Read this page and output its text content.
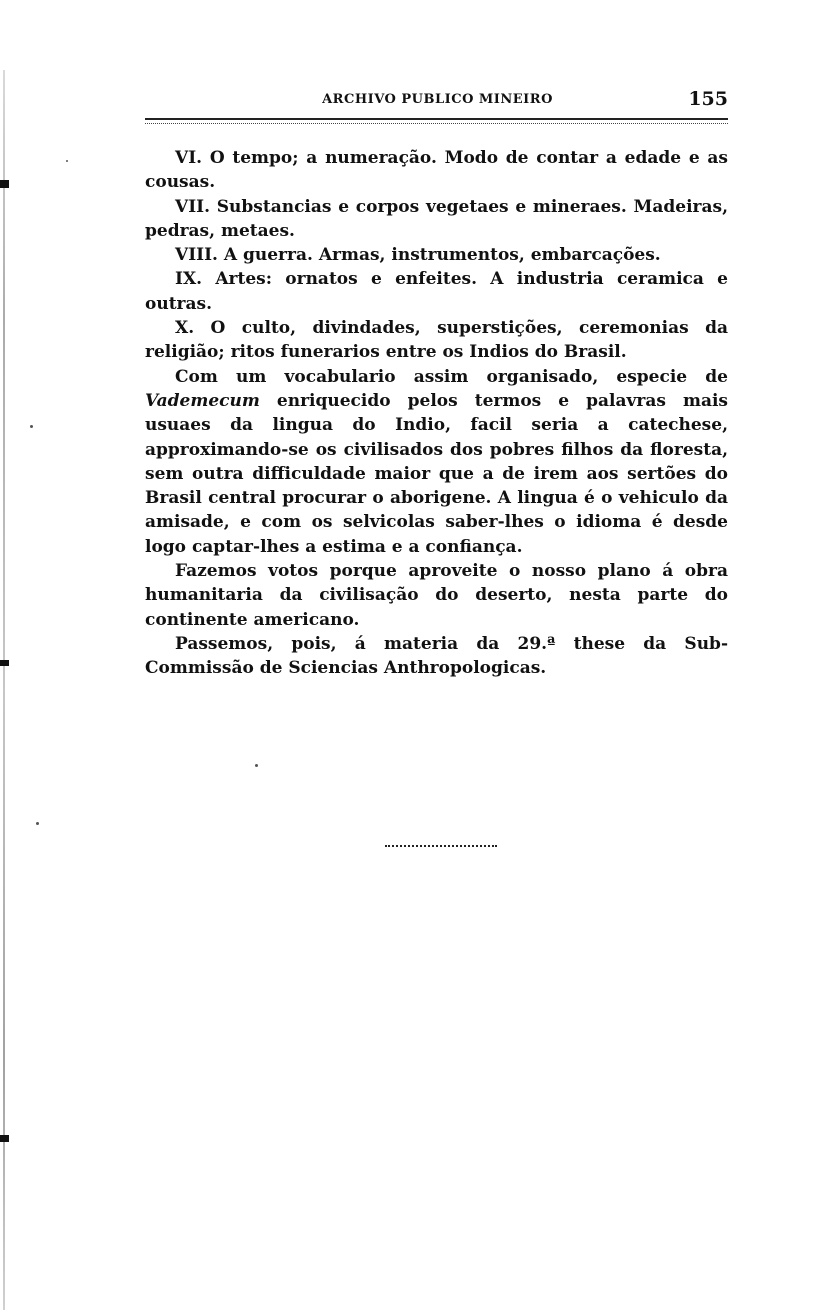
ARCHIVO PUBLICO MINEIRO	155

VI. O tempo; a numeração. Modo de contar a edade e as cousas.

VII. Substancias e corpos vegetaes e mineraes. Madeiras, pedras, metaes.

VIII. A guerra. Armas, instrumentos, embarcações.

IX. Artes: ornatos e enfeites. A industria ceramica e outras.

X. O culto, divindades, superstições, ceremonias da religião; ritos funerarios entre os Indios do Brasil.

Com um vocabulario assim organisado, especie de Vademecum enriquecido pelos termos e palavras mais usuaes da lingua do Indio, facil seria a catechese, approximando-se os civilisados dos pobres filhos da floresta, sem outra difficuldade maior que a de irem aos sertões do Brasil central procurar o aborigene. A lingua é o vehiculo da amisade, e com os selvicolas saber-lhes o idioma é desde logo captar-lhes a estima e a confiança.

Fazemos votos porque aproveite o nosso plano á obra humanitaria da civilisação do deserto, nesta parte do continente americano.

Passemos, pois, á materia da 29.ª these da Sub-Commissão de Sciencias Anthropologicas.
